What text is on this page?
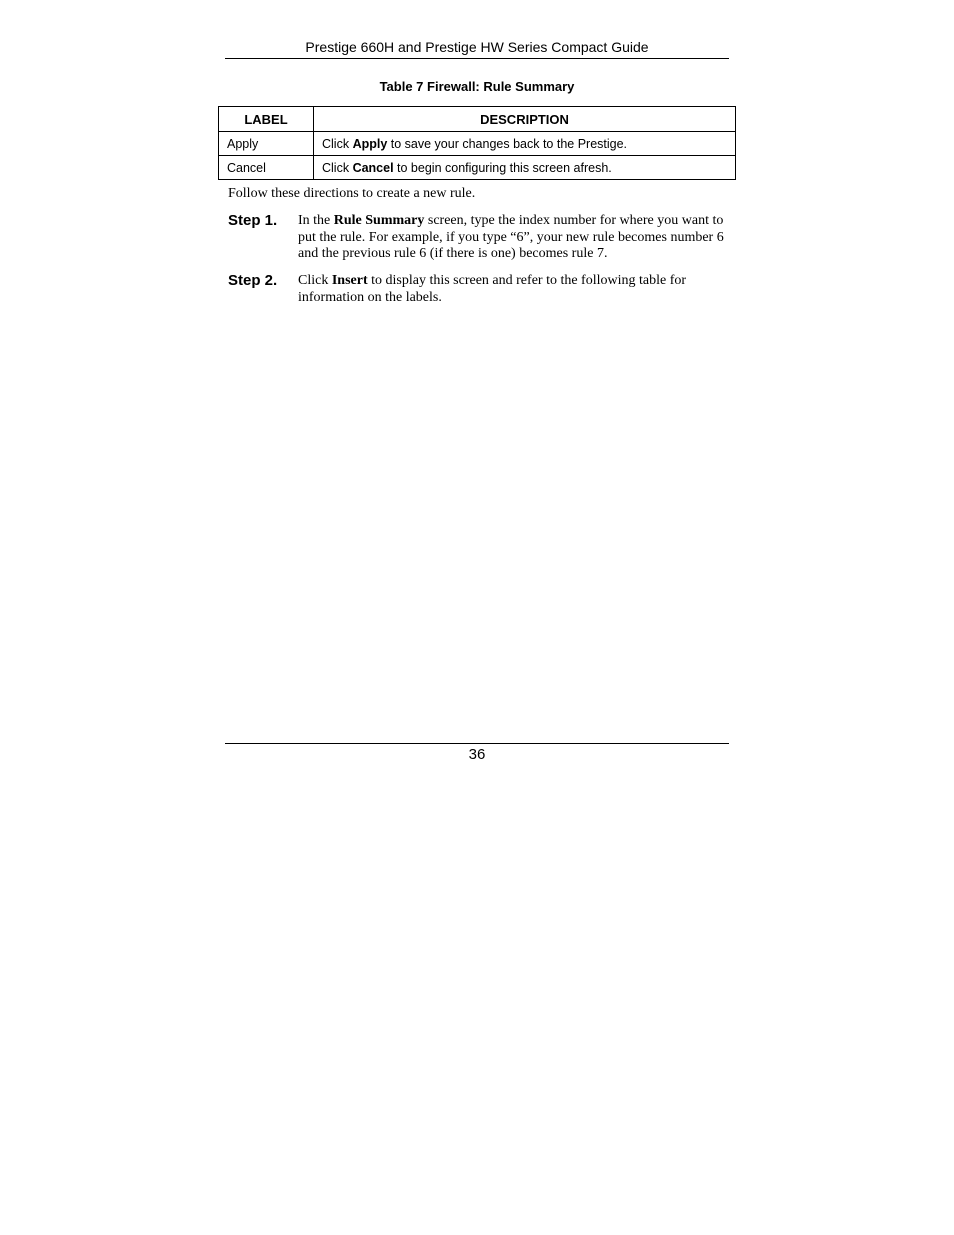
Prestige 660H and Prestige HW Series Compact Guide
Table 7 Firewall: Rule Summary
LABEL	DESCRIPTION
Apply	Click Apply to save your changes back to the Prestige.
Cancel	Click Cancel to begin configuring this screen afresh.
Follow these directions to create a new rule.
Step 1. In the Rule Summary screen, type the index number for where you want to put the rule. For example, if you type “6”, your new rule becomes number 6 and the previous rule 6 (if there is one) becomes rule 7.
Step 2. Click Insert to display this screen and refer to the following table for information on the labels.
36
